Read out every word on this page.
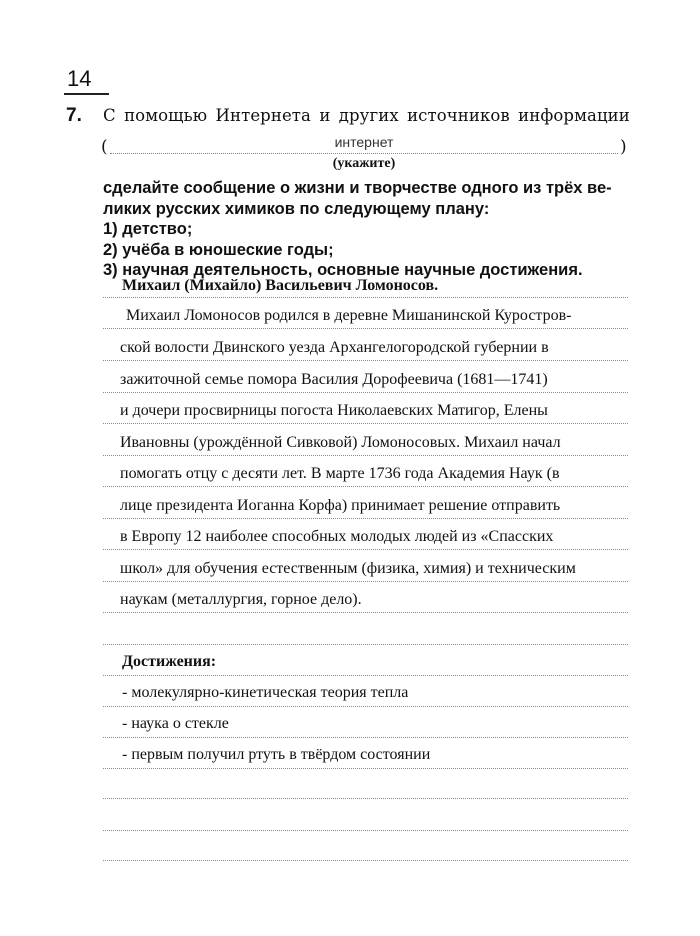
14
7. С помощью Интернета и других источников информации
(	интернет	)
(укажите)
сделайте сообщение о жизни и творчестве одного из трёх ве-
ликих русских химиков по следующему плану:
1) детство;
2) учёба в юношеские годы;
3) научная деятельность, основные научные достижения.
Михаил (Михайло) Васильевич Ломоносов.
Михаил Ломоносов родился в деревне Мишанинской Куростров-
ской волости Двинского уезда Архангелогородской губернии в
зажиточной семье помора Василия Дорофеевича (1681—1741)
и дочери просвирницы погоста Николаевских Матигор, Елены
Ивановны (урождённой Сивковой) Ломоносовых. Михаил начал
помогать отцу с десяти лет. В марте 1736 года Академия Наук (в
лице президента Иоганна Корфа) принимает решение отправить
в Европу 12 наиболее способных молодых людей из «Спасских
школ» для обучения естественным (физика, химия) и техническим
наукам (металлургия, горное дело).
Достижения:
- молекулярно-кинетическая теория тепла
- наука о стекле
- первым получил ртуть в твёрдом состоянии
